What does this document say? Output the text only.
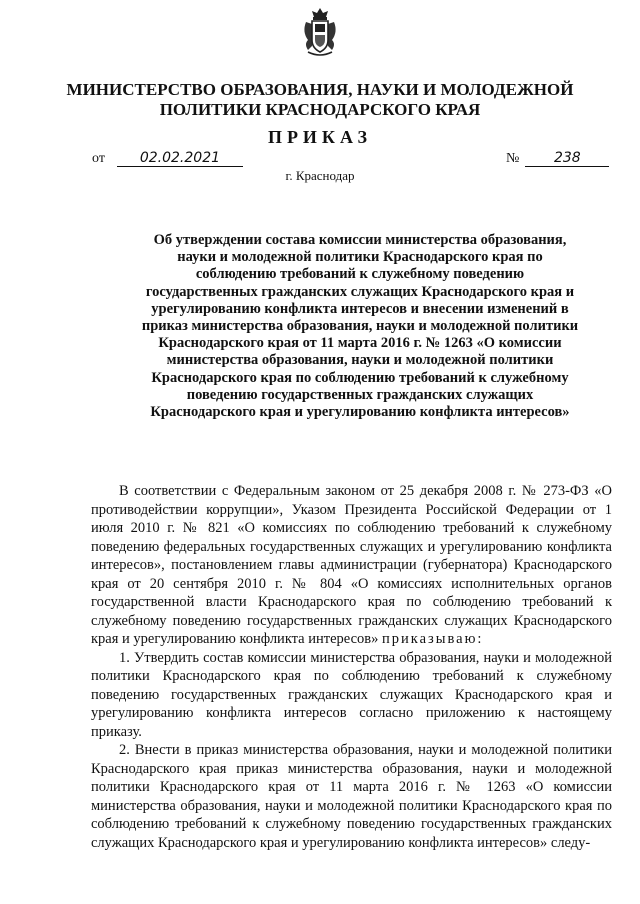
МИНИСТЕРСТВО ОБРАЗОВАНИЯ, НАУКИ И МОЛОДЕЖНОЙ
ПОЛИТИКИ КРАСНОДАРСКОГО КРАЯ
ПРИКАЗ
от 02.02.2021	№ 238
г. Краснодар
Об утверждении состава комиссии министерства образования, науки и молодежной политики Краснодарского края по соблюдению требований к служебному поведению государственных гражданских служащих Краснодарского края и урегулированию конфликта интересов и внесении изменений в приказ министерства образования, науки и молодежной политики Краснодарского края от 11 марта 2016 г. № 1263 «О комиссии министерства образования, науки и молодежной политики Краснодарского края по соблюдению требований к служебному поведению государственных гражданских служащих Краснодарского края и урегулированию конфликта интересов»

В соответствии с Федеральным законом от 25 декабря 2008 г. № 273-ФЗ «О противодействии коррупции», Указом Президента Российской Федерации от 1 июля 2010 г. № 821 «О комиссиях по соблюдению требований к служебному поведению федеральных государственных служащих и урегулированию конфликта интересов», постановлением главы администрации (губернатора) Краснодарского края от 20 сентября 2010 г. № 804 «О комиссиях исполнительных органов государственной власти Краснодарского края по соблюдению требований к служебному поведению государственных гражданских служащих Краснодарского края и урегулированию конфликта интересов» приказываю:

1. Утвердить состав комиссии министерства образования, науки и молодежной политики Краснодарского края по соблюдению требований к служебному поведению государственных гражданских служащих Краснодарского края и урегулированию конфликта интересов согласно приложению к настоящему приказу.

2. Внести в приказ министерства образования, науки и молодежной политики Краснодарского края приказ министерства образования, науки и молодежной политики Краснодарского края от 11 марта 2016 г. № 1263 «О комиссии министерства образования, науки и молодежной политики Краснодарского края по соблюдению требований к служебному поведению государственных гражданских служащих Краснодарского края и урегулированию конфликта интересов» следу-
